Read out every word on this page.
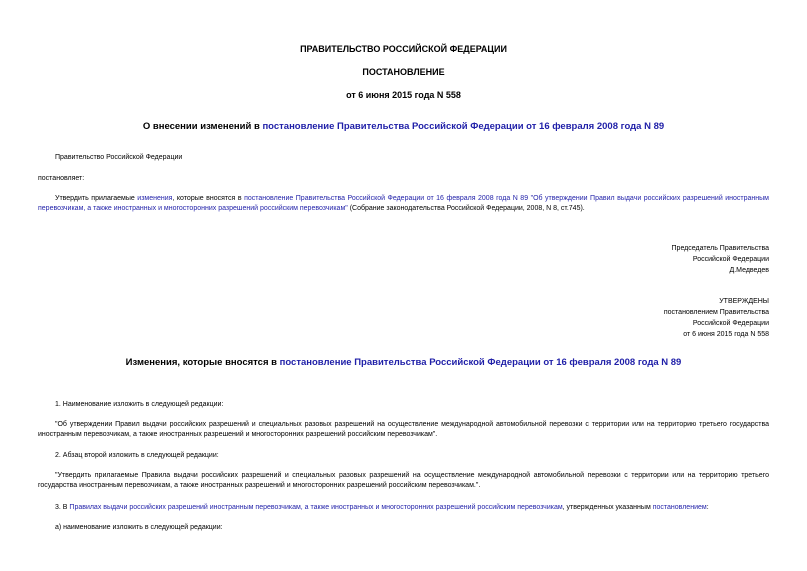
ПРАВИТЕЛЬСТВО РОССИЙСКОЙ ФЕДЕРАЦИИ
ПОСТАНОВЛЕНИЕ
от 6 июня 2015 года N 558
О внесении изменений в постановление Правительства Российской Федерации от 16 февраля 2008 года N 89
Правительство Российской Федерации
постановляет:
Утвердить прилагаемые изменения, которые вносятся в постановление Правительства Российской Федерации от 16 февраля 2008 года N 89 "Об утверждении Правил выдачи российских разрешений иностранным перевозчикам, а также иностранных и многосторонних разрешений российским перевозчикам" (Собрание законодательства Российской Федерации, 2008, N 8, ст.745).
Председатель Правительства
Российской Федерации
Д.Медведев
УТВЕРЖДЕНЫ
постановлением Правительства
Российской Федерации
от 6 июня 2015 года N 558
Изменения, которые вносятся в постановление Правительства Российской Федерации от 16 февраля 2008 года N 89
1. Наименование изложить в следующей редакции:
"Об утверждении Правил выдачи российских разрешений и специальных разовых разрешений на осуществление международной автомобильной перевозки с территории или на территорию третьего государства иностранным перевозчикам, а также иностранных разрешений и многосторонних разрешений российским перевозчикам".
2. Абзац второй изложить в следующей редакции:
"Утвердить прилагаемые Правила выдачи российских разрешений и специальных разовых разрешений на осуществление международной автомобильной перевозки с территории или на территорию третьего государства иностранным перевозчикам, а также иностранных разрешений и многосторонних разрешений российским перевозчикам.".
3. В Правилах выдачи российских разрешений иностранным перевозчикам, а также иностранных и многосторонних разрешений российским перевозчикам, утвержденных указанным постановлением:
а) наименование изложить в следующей редакции:
